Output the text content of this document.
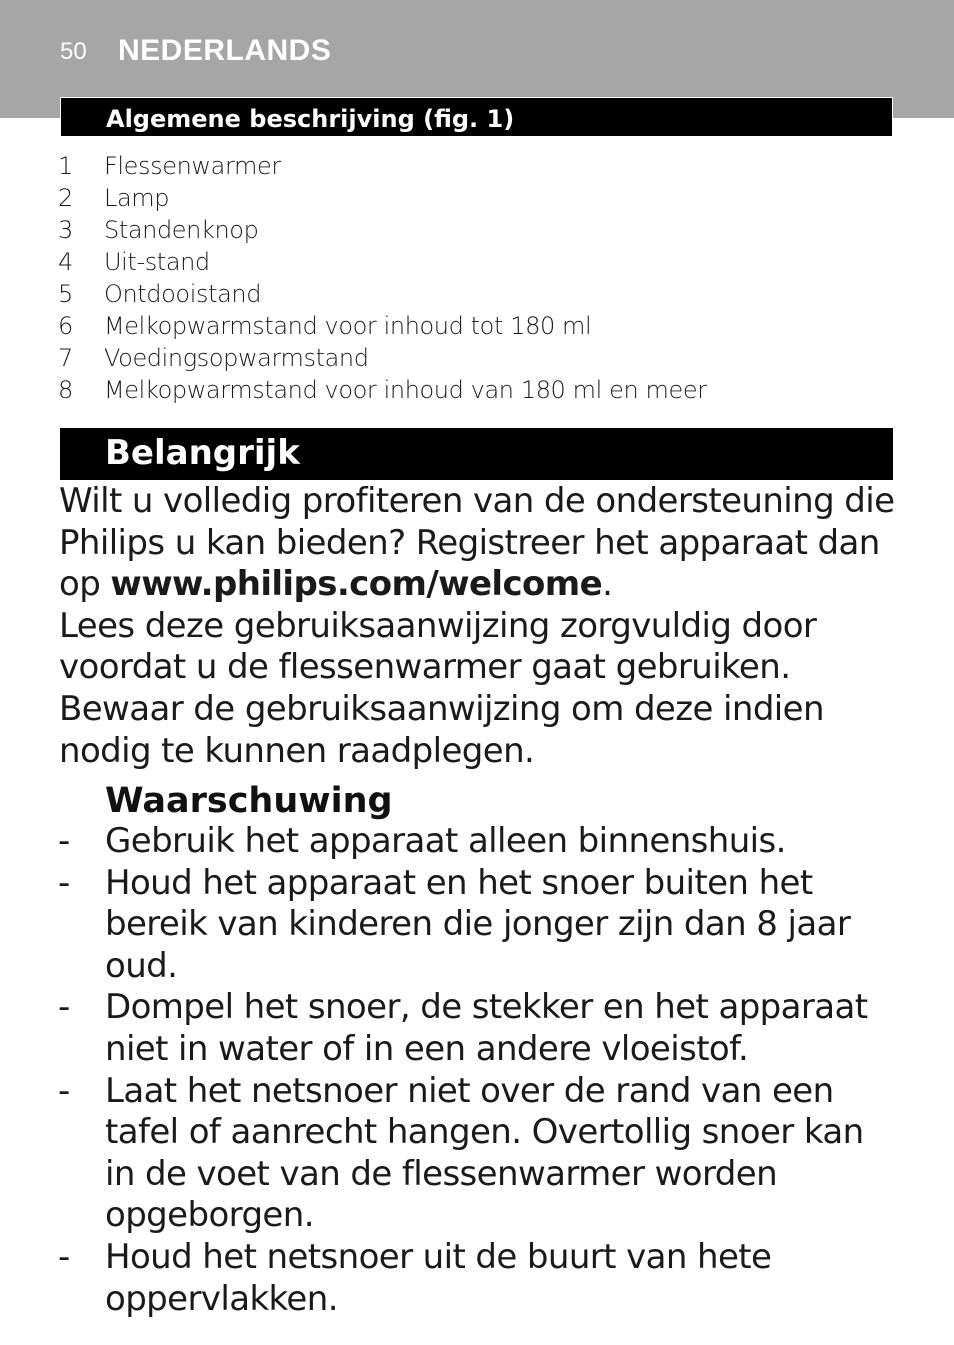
50 NEDERLANDS
Algemene beschrijving (fig. 1)
1	Flessenwarmer
2	Lamp
3	Standenknop
4	Uit-stand
5	Ontdooistand
6	Melkopwarmstand voor inhoud tot 180 ml
7	Voedingsopwarmstand
8	Melkopwarmstand voor inhoud van 180 ml en meer
Belangrijk

Wilt u volledig profiteren van de ondersteuning die Philips u kan bieden? Registreer het apparaat dan op www.philips.com/welcome.

Lees deze gebruiksaanwijzing zorgvuldig door voordat u de flessenwarmer gaat gebruiken. Bewaar de gebruiksaanwijzing om deze indien nodig te kunnen raadplegen.

Waarschuwing
-	Gebruik het apparaat alleen binnenshuis.
-	Houd het apparaat en het snoer buiten het bereik van kinderen die jonger zijn dan 8 jaar oud.
-	Dompel het snoer, de stekker en het apparaat niet in water of in een andere vloeistof.
-	Laat het netsnoer niet over de rand van een tafel of aanrecht hangen. Overtollig snoer kan in de voet van de flessenwarmer worden opgeborgen.
-	Houd het netsnoer uit de buurt van hete oppervlakken.
